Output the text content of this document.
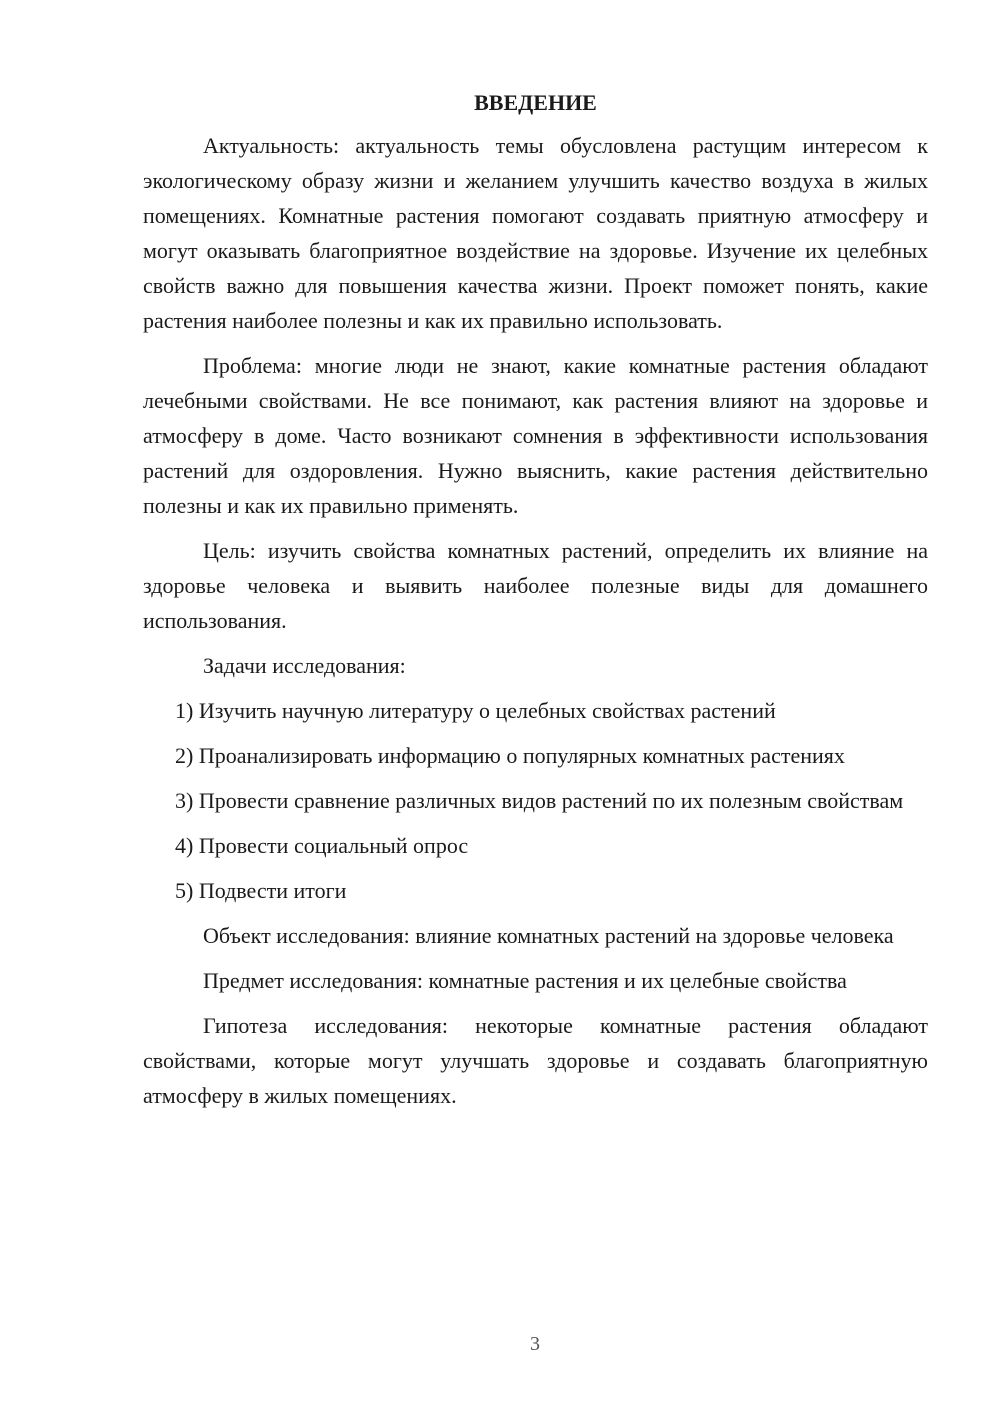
ВВЕДЕНИЕ

Актуальность: актуальность темы обусловлена растущим интересом к экологическому образу жизни и желанием улучшить качество воздуха в жилых помещениях. Комнатные растения помогают создавать приятную атмосферу и могут оказывать благоприятное воздействие на здоровье. Изучение их целебных свойств важно для повышения качества жизни. Проект поможет понять, какие растения наиболее полезны и как их правильно использовать.

Проблема: многие люди не знают, какие комнатные растения обладают лечебными свойствами. Не все понимают, как растения влияют на здоровье и атмосферу в доме. Часто возникают сомнения в эффективности использования растений для оздоровления. Нужно выяснить, какие растения действительно полезны и как их правильно применять.

Цель: изучить свойства комнатных растений, определить их влияние на здоровье человека и выявить наиболее полезные виды для домашнего использования.

Задачи исследования:

1) Изучить научную литературу о целебных свойствах растений

2) Проанализировать информацию о популярных комнатных растениях

3) Провести сравнение различных видов растений по их полезным свойствам

4) Провести социальный опрос

5) Подвести итоги

Объект исследования: влияние комнатных растений на здоровье человека

Предмет исследования: комнатные растения и их целебные свойства

Гипотеза исследования: некоторые комнатные растения обладают свойствами, которые могут улучшать здоровье и создавать благоприятную атмосферу в жилых помещениях.

3
